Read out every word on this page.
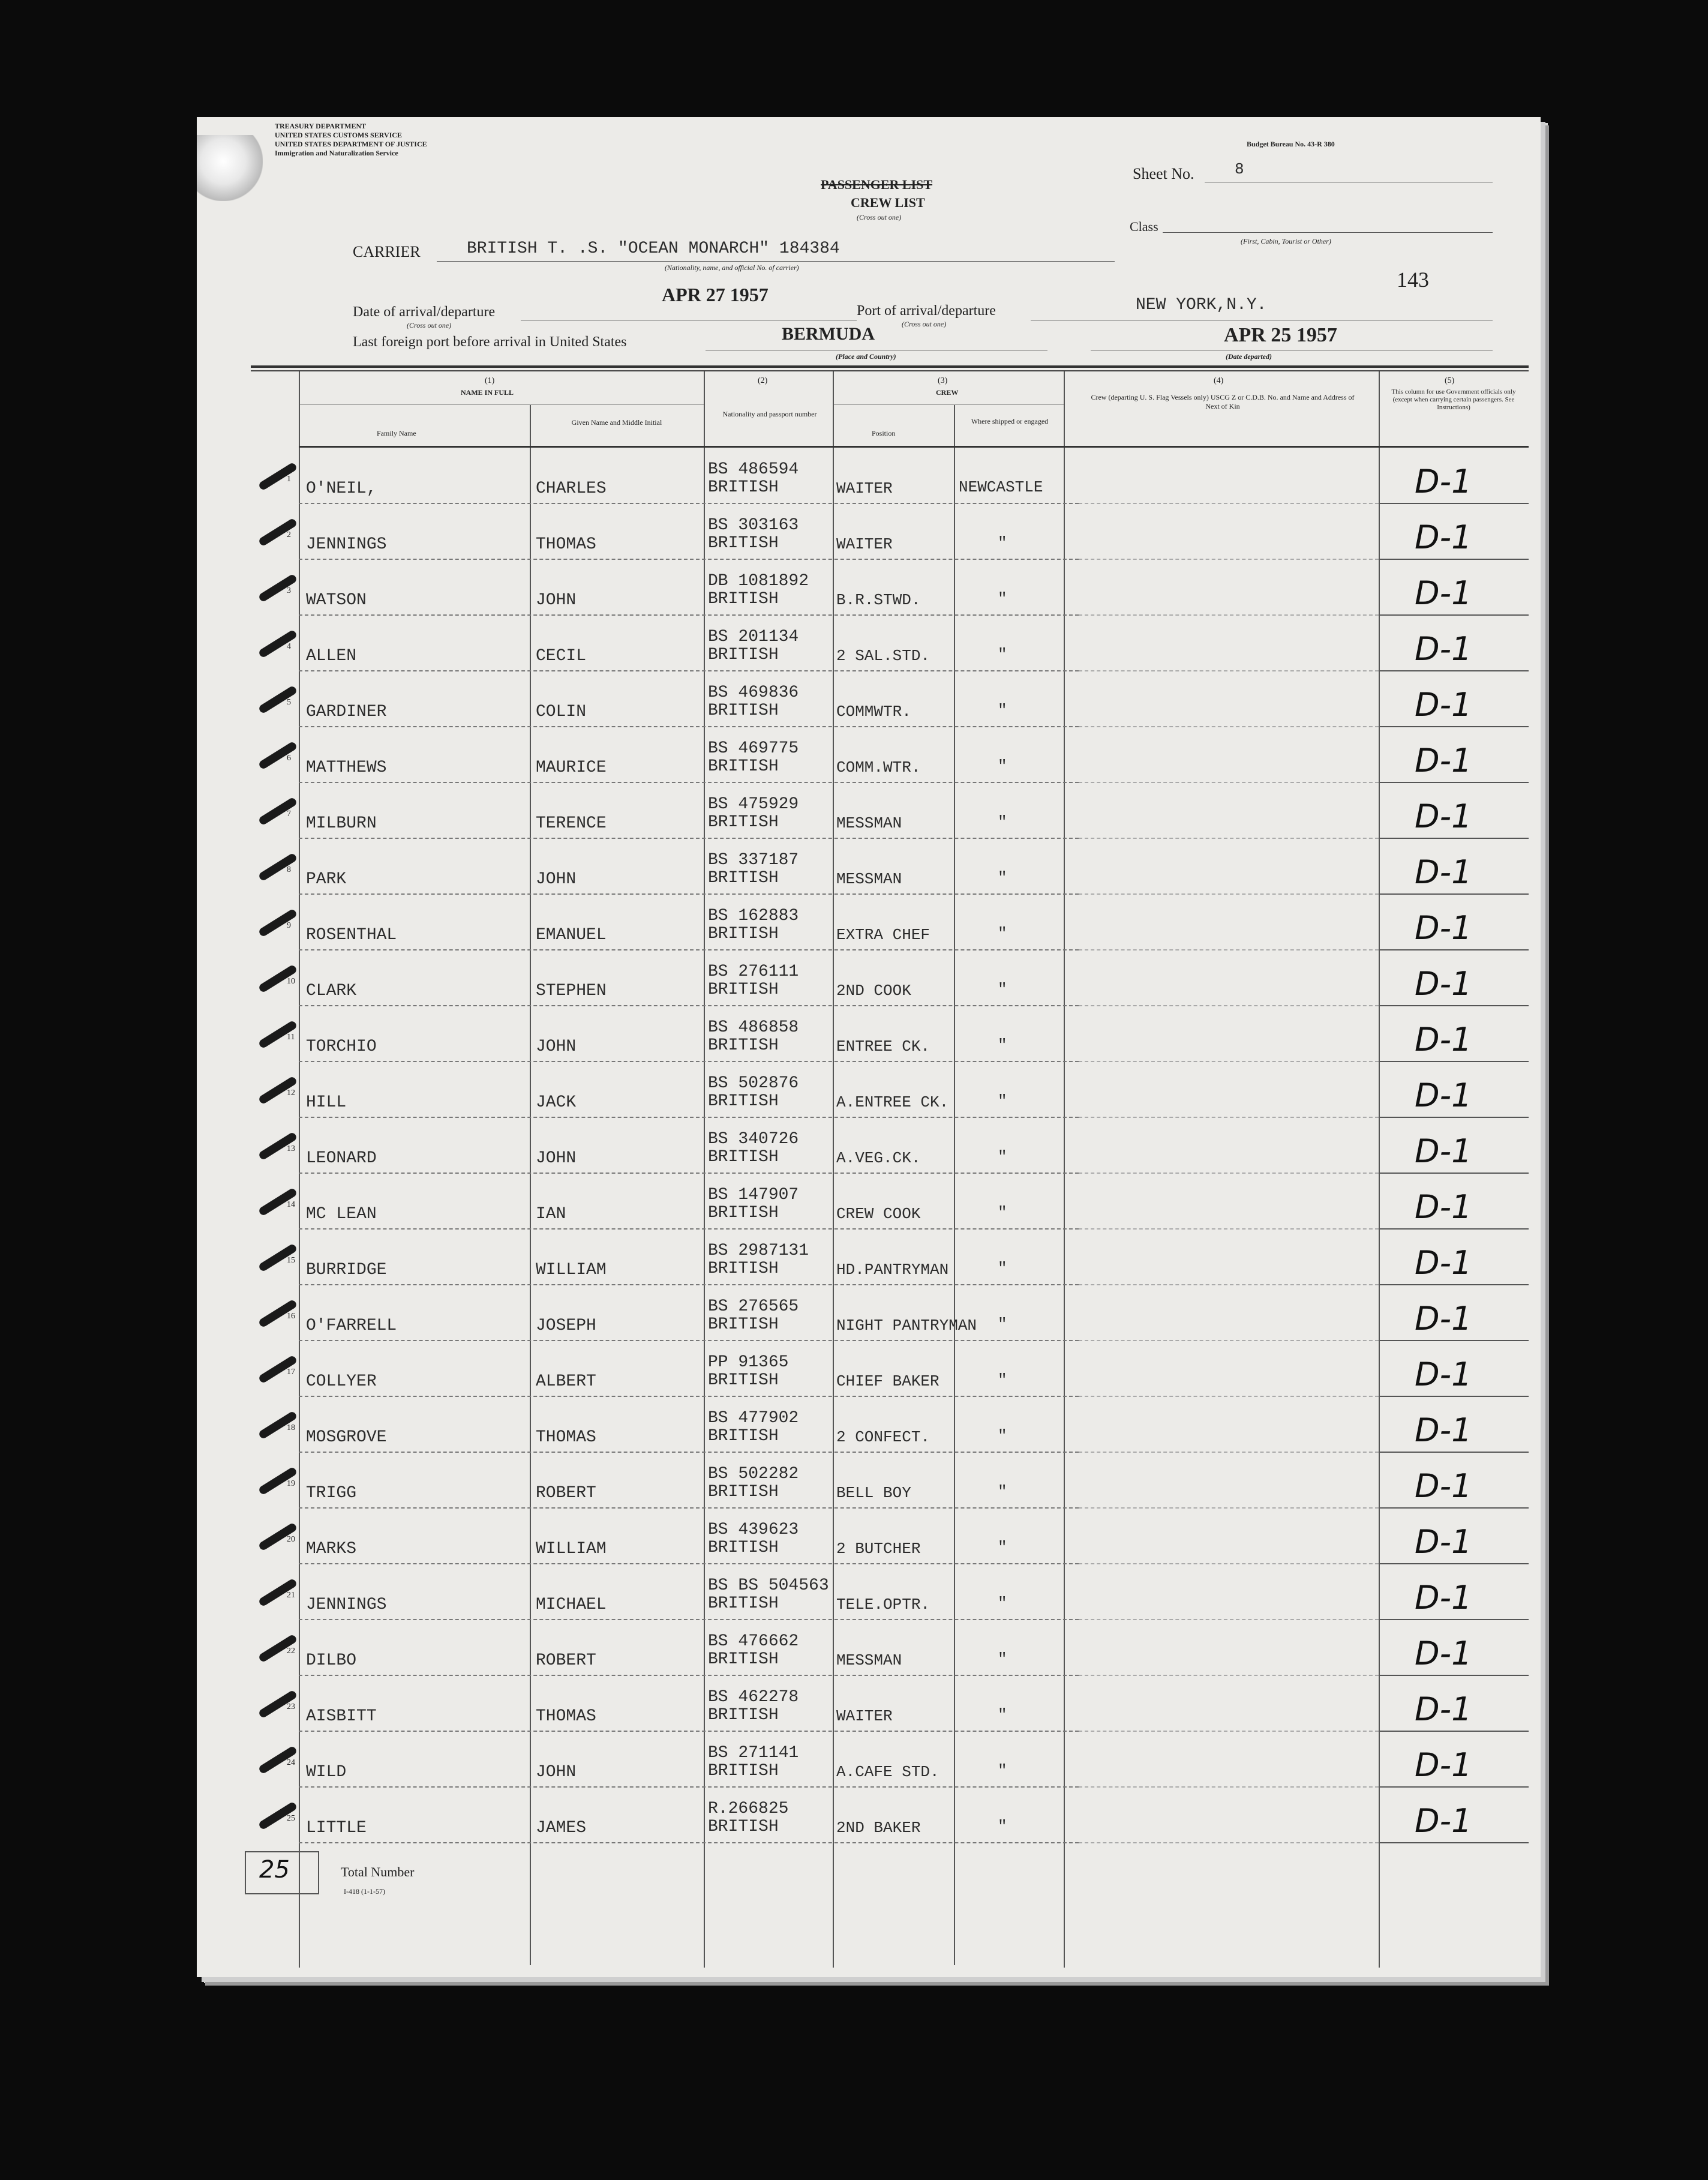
TREASURY DEPARTMENT
UNITED STATES CUSTOMS SERVICE
UNITED STATES DEPARTMENT OF JUSTICE
Immigration and Naturalization Service
Budget Bureau No. 43-R 380
PASSENGER LIST
CREW LIST
(Cross out one)
Sheet No.	8
Class
(First, Cabin, Tourist or Other)
143
CARRIER	BRITISH T. .S. "OCEAN MONARCH" 184384
(Nationality, name, and official No. of carrier)
Date of arrival/departure
(Cross out one)
APR 27 1957
Port of arrival/departure
(Cross out one)
NEW YORK,N.Y.
Last foreign port before arrival in United States	BERMUDA
(Place and Country)
APR 25 1957
(Date departed)
(1)
NAME IN FULL
Family Name
Given Name and Middle Initial
(2)
Nationality and passport number
(3)
CREW
Position
Where shipped or engaged
(4)
Crew (departing U. S. Flag Vessels only) USCG Z or C.D.B. No. and Name and Address of Next of Kin
(5)
This column for use Government officials only (except when carrying certain passengers. See Instructions)
1
O'NEIL,	CHARLES
BS 486594
BRITISH	WAITER	NEWCASTLE	D-1
2
JENNINGS	THOMAS
BS 303163
BRITISH	WAITER	"	D-1
3
WATSON	JOHN
DB 1081892
BRITISH	B.R.STWD.	"	D-1
4
ALLEN	CECIL
BS 201134
BRITISH	2 SAL.STD.	"	D-1
5
GARDINER	COLIN
BS 469836
BRITISH	COMMWTR.	"	D-1
6
MATTHEWS	MAURICE
BS 469775
BRITISH	COMM.WTR.	"	D-1
7
MILBURN	TERENCE
BS 475929
BRITISH	MESSMAN	"	D-1
8
PARK	JOHN
BS 337187
BRITISH	MESSMAN	"	D-1
9
ROSENTHAL	EMANUEL
BS 162883
BRITISH	EXTRA CHEF	"	D-1
10
CLARK	STEPHEN
BS 276111
BRITISH	2ND COOK	"	D-1
11
TORCHIO	JOHN
BS 486858
BRITISH	ENTREE CK.	"	D-1
12
HILL	JACK
BS 502876
BRITISH	A.ENTREE CK.	"	D-1
13
LEONARD	JOHN
BS 340726
BRITISH	A.VEG.CK.	"	D-1
14
MC LEAN	IAN
BS 147907
BRITISH	CREW COOK	"	D-1
15
BURRIDGE	WILLIAM
BS 2987131
BRITISH	HD.PANTRYMAN	"	D-1
16
O'FARRELL	JOSEPH
BS 276565
BRITISH	NIGHT PANTRYMAN "	D-1
17
COLLYER	ALBERT
PP 91365
BRITISH	CHIEF BAKER	"	D-1
18
MOSGROVE	THOMAS
BS 477902
BRITISH	2 CONFECT.	"	D-1
19
TRIGG	ROBERT
BS 502282
BRITISH	BELL BOY	"	D-1
20
MARKS	WILLIAM
BS 439623
BRITISH	2 BUTCHER	"	D-1
21
JENNINGS	MICHAEL
BS BS 504563
BRITISH	TELE.OPTR.	"	D-1
22
DILBO	ROBERT
BS 476662
BRITISH	MESSMAN	"	D-1
23
AISBITT	THOMAS
BS 462278
BRITISH	WAITER	"	D-1
24
WILD	JOHN
BS 271141
BRITISH	A.CAFE STD.	"	D-1
25
LITTLE	JAMES
R.266825
BRITISH	2ND BAKER	"	D-1
25	Total Number
I-418 (1-1-57)
